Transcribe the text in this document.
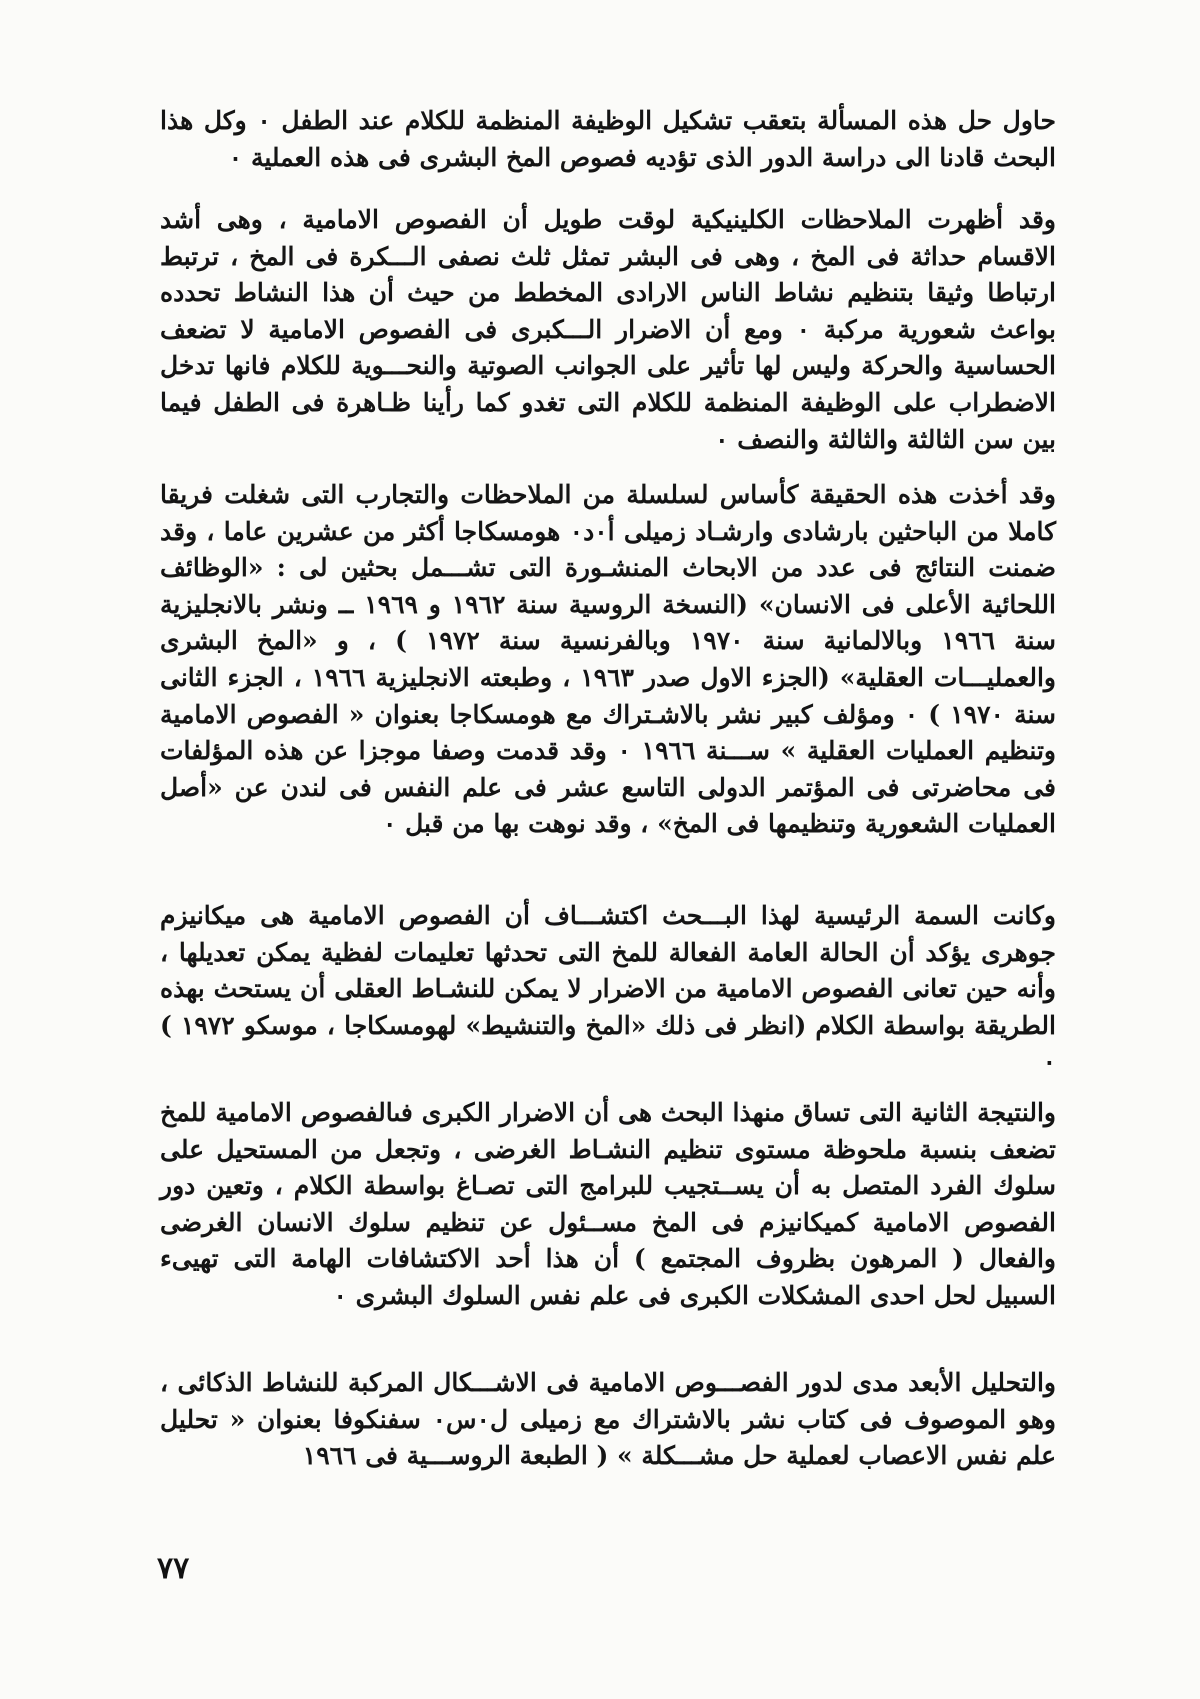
حاول حل هذه المسألة بتعقب تشكيل الوظيفة المنظمة للكلام عند الطفل ٠ وكل هذا البحث قادنا الى دراسة الدور الذى تؤديه فصوص المخ البشرى فى هذه العملية ٠

وقد أظهرت الملاحظات الكلينيكية لوقت طويل أن الفصوص الامامية ، وهى أشد الاقسام حداثة فى المخ ، وهى فى البشر تمثل ثلث نصفى الـــكرة فى المخ ، ترتبط ارتباطا وثيقا بتنظيم نشاط الناس الارادى المخطط من حيث أن هذا النشاط تحدده بواعث شعورية مركبة ٠ ومع أن الاضرار الـــكبرى فى الفصوص الامامية لا تضعف الحساسية والحركة وليس لها تأثير على الجوانب الصوتية والنحـــوية للكلام فانها تدخل الاضطراب على الوظيفة المنظمة للكلام التى تغدو كما رأينا ظـاهرة فى الطفل فيما بين سن الثالثة والثالثة والنصف ٠

وقد أخذت هذه الحقيقة كأساس لسلسلة من الملاحظات والتجارب التى شغلت فريقا كاملا من الباحثين بارشادى وارشـاد زميلى أ٠د٠ هومسكاجا أكثر من عشرين عاما ، وقد ضمنت النتائج فى عدد من الابحاث المنشـورة التى تشـــمل بحثين لى : «الوظائف اللحائية الأعلى فى الانسان» (النسخة الروسية سنة ١٩٦٢ و ١٩٦٩ ــ ونشر بالانجليزية سنة ١٩٦٦ وبالالمانية سنة ١٩٧٠ وبالفرنسية سنة ١٩٧٢ ) ، و «المخ البشرى والعمليـــات العقلية» (الجزء الاول صدر ١٩٦٣ ، وطبعته الانجليزية ١٩٦٦ ، الجزء الثانى سنة ١٩٧٠ ) ٠ ومؤلف كبير نشر بالاشـتراك مع هومسكاجا بعنوان « الفصوص الامامية وتنظيم العمليات العقلية » ســـنة ١٩٦٦ ٠ وقد قدمت وصفا موجزا عن هذه المؤلفات فى محاضرتى فى المؤتمر الدولى التاسع عشر فى علم النفس فى لندن عن «أصل العمليات الشعورية وتنظيمها فى المخ» ، وقد نوهت بها من قبل ٠

وكانت السمة الرئيسية لهذا البـــحث اكتشـــاف أن الفصوص الامامية هى ميكانيزم جوهرى يؤكد أن الحالة العامة الفعالة للمخ التى تحدثها تعليمات لفظية يمكن تعديلها ، وأنه حين تعانى الفصوص الامامية من الاضرار لا يمكن للنشـاط العقلى أن يستحث بهذه الطريقة بواسطة الكلام (انظر فى ذلك «المخ والتنشيط» لهومسكاجا ، موسكو ١٩٧٢ ) ٠

والنتيجة الثانية التى تساق منهذا البحث هى أن الاضرار الكبرى فىالفصوص الامامية للمخ تضعف بنسبة ملحوظة مستوى تنظيم النشـاط الغرضى ، وتجعل من المستحيل على سلوك الفرد المتصل به أن يســتجيب للبرامج التى تصـاغ بواسطة الكلام ، وتعين دور الفصوص الامامية كميكانيزم فى المخ مســئول عن تنظيم سلوك الانسان الغرضى والفعال ( المرهون بظروف المجتمع ) أن هذا أحد الاكتشافات الهامة التى تهيىء السبيل لحل احدى المشكلات الكبرى فى علم نفس السلوك البشرى ٠

والتحليل الأبعد مدى لدور الفصـــوص الامامية فى الاشـــكال المركبة للنشاط الذكائى ، وهو الموصوف فى كتاب نشر بالاشتراك مع زميلى ل٠س٠ سفنكوفا بعنوان « تحليل علم نفس الاعصاب لعملية حل مشـــكلة » ( الطبعة الروســـية فى ١٩٦٦

٧٧
